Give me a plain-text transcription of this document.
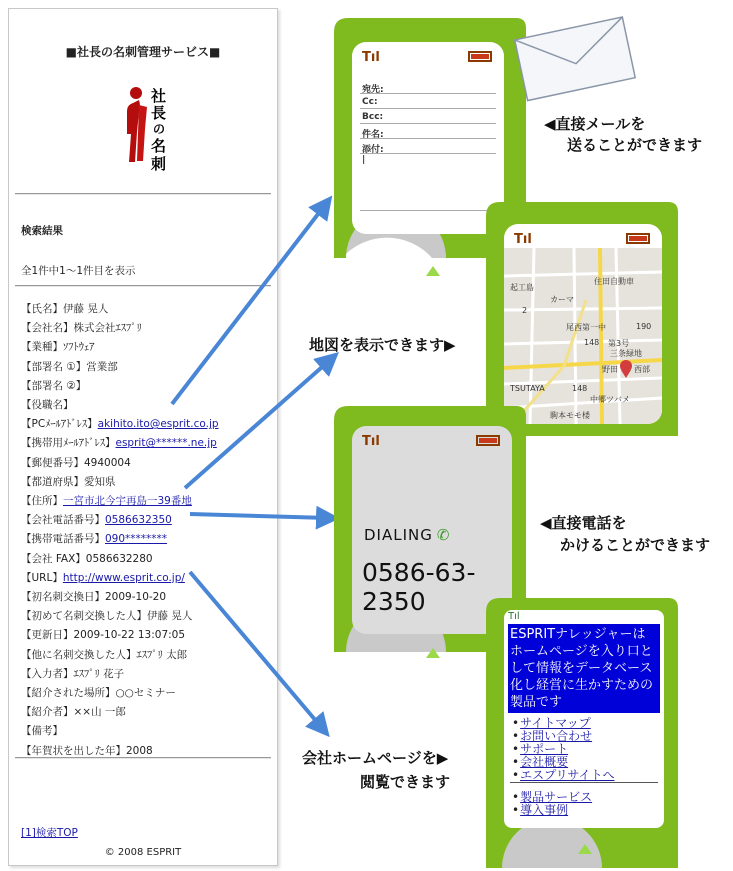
■社長の名刺管理サービス■
社
長
の
名
刺
検索結果
全1件中1～1件目を表示
【氏名】伊藤 晃人
【会社名】株式会社ｴｽﾌﾟﾘ
【業種】ｿﾌﾄｳｪｱ
【部署名 ①】営業部
【部署名 ②】
【役職名】
【PCﾒｰﾙｱﾄﾞﾚｽ】akihito.ito@esprit.co.jp
【携帯用ﾒｰﾙｱﾄﾞﾚｽ】esprit@******.ne.jp
【郵便番号】4940004
【都道府県】愛知県
【住所】一宮市北今宇再島一39番地
【会社電話番号】0586632350
【携帯電話番号】090********
【会社 FAX】0586632280
【URL】http://www.esprit.co.jp/
【初名刺交換日】2009-10-20
【初めて名刺交換した人】伊藤 晃人
【更新日】2009-10-22 13:07:05
【他に名刺交換した人】ｴｽﾌﾟﾘ 太郎
【入力者】ｴｽﾌﾟﾘ 花子
【紹介された場所】○○セミナー
【紹介者】××山 一郎
【備考】
【年賀状を出した年】2008
[1]検索TOP
© 2008 ESPRIT
Tıl
宛先:
Cc:
Bcc:
件名:
添付:
|
◀直接メールを
送ることができます
Tıl
起工島
カーマ
住田自動車
尾西第一中
第3号
三条緑地
野田
TSUTAYA
中郷ツバメ
西部
駒本モモ楼
2
148
148
190
地図を表示できます▶
Tıl
DIALING ✆
0586-63-2350
◀直接電話を
かけることができます
Tıl
ESPRITナレッジャーはホームページを入り口として情報をデータベース化し経営に生かすための製品です
•サイトマップ
•お問い合わせ
•サポート
•会社概要
•エスプリサイトへ
•製品サービス
•導入事例
会社ホームページを▶
閲覧できます
